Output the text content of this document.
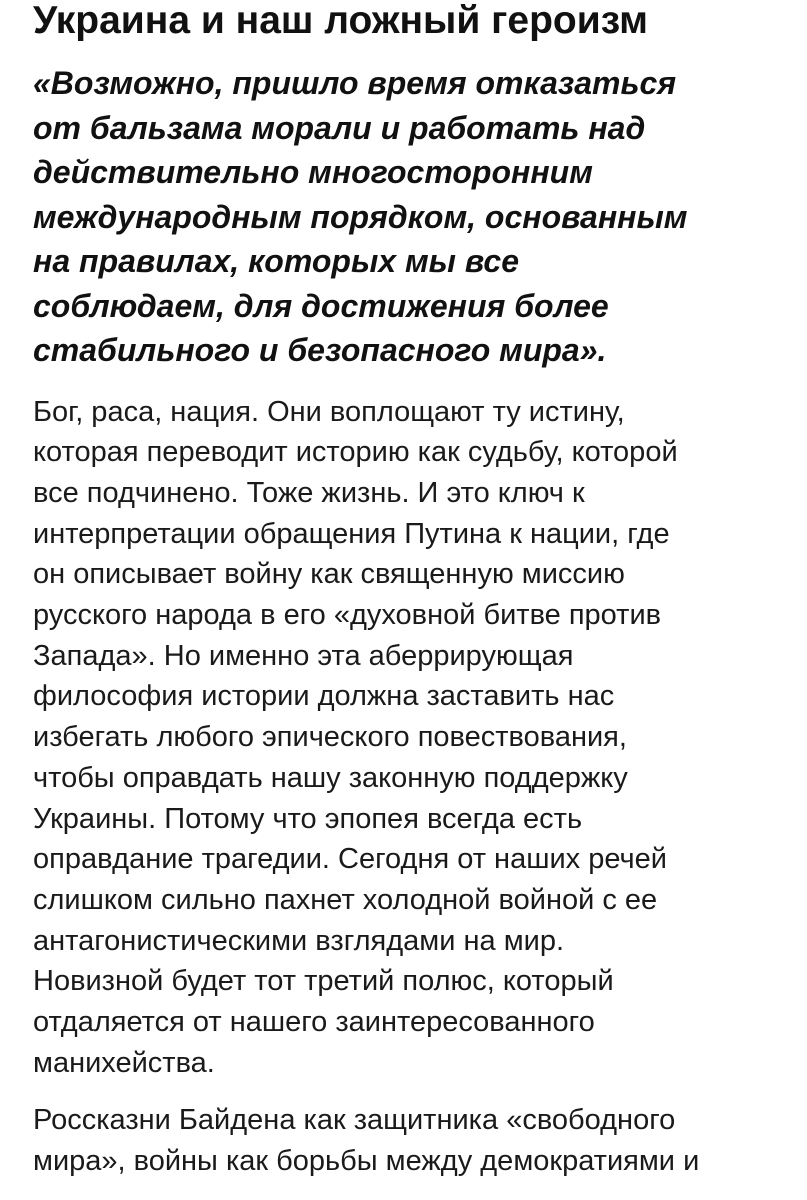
Украина и наш ложный героизм

«Возможно, пришло время отказаться
от бальзама морали и работать над
действительно многосторонним
международным порядком, основанным
на правилах, которых мы все
соблюдаем, для достижения более
стабильного и безопасного мира».

Бог, раса, нация. Они воплощают ту истину,
которая переводит историю как судьбу, которой
все подчинено. Тоже жизнь. И это ключ к
интерпретации обращения Путина к нации, где
он описывает войну как священную миссию
русского народа в его «духовной битве против
Запада». Но именно эта аберрирующая
философия истории должна заставить нас
избегать любого эпического повествования,
чтобы оправдать нашу законную поддержку
Украины. Потому что эпопея всегда есть
оправдание трагедии. Сегодня от наших речей
слишком сильно пахнет холодной войной с ее
антагонистическими взглядами на мир.
Новизной будет тот третий полюс, который
отдаляется от нашего заинтересованного
манихейства.

Россказни Байдена как защитника «свободного
мира», войны как борьбы между демократиями и
